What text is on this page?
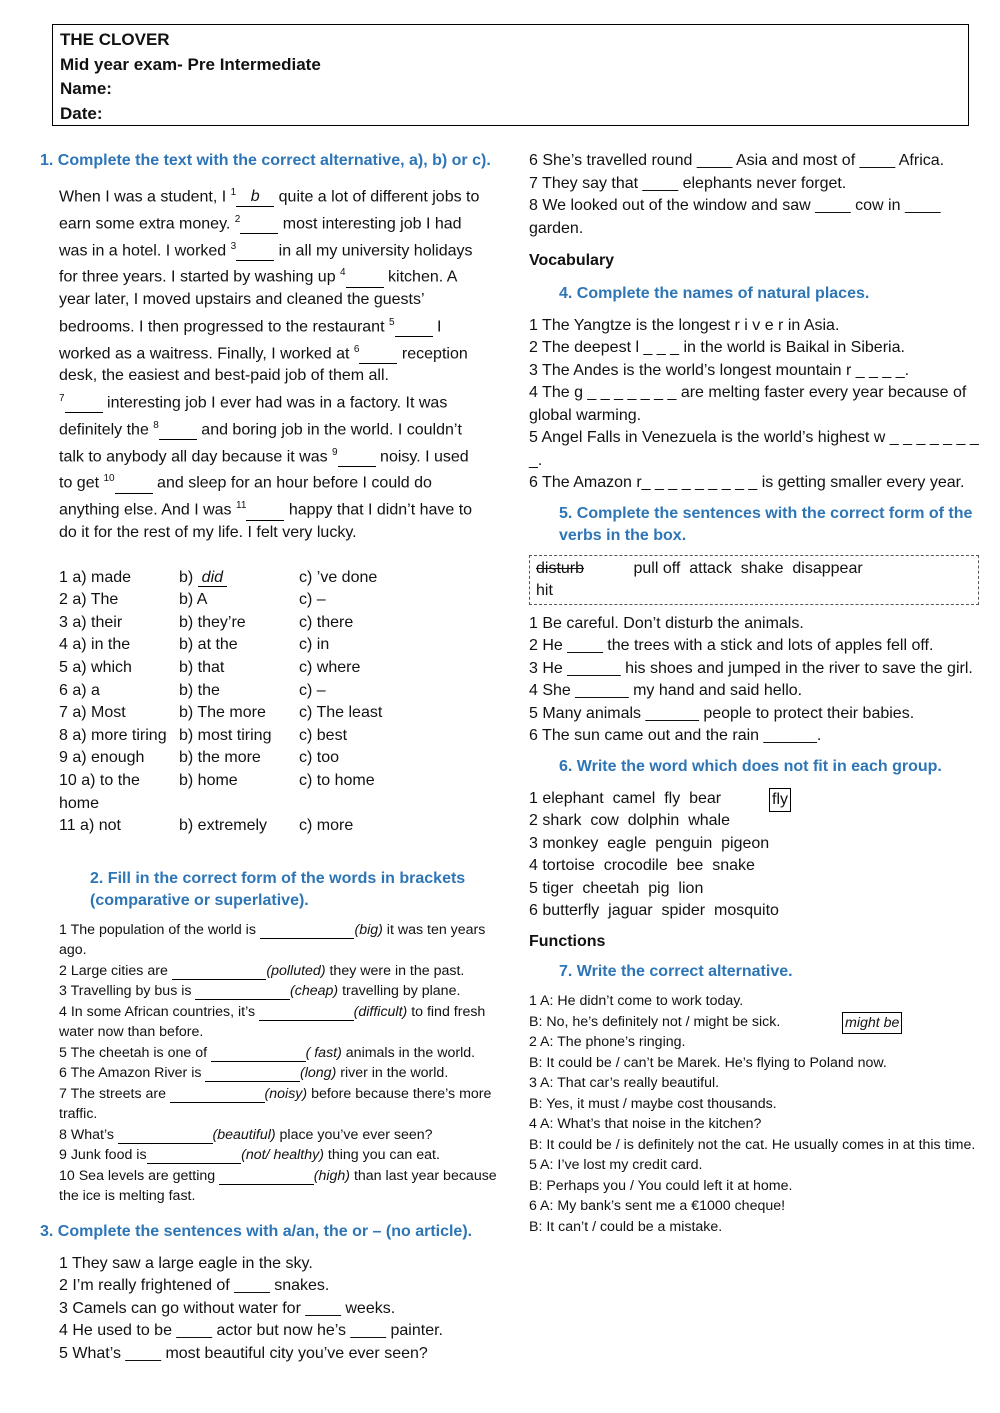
THE CLOVER
Mid year exam- Pre Intermediate
Name:
Date:
1. Complete the text with the correct alternative, a), b) or c).
When I was a student, I $^1$ b quite a lot of different jobs to
earn some extra money. $^2$  most interesting job I had
was in a hotel. I worked $^3$  in all my university holidays
for three years. I started by washing up $^4$  kitchen. A
year later, I moved upstairs and cleaned the guests’
bedrooms. I then progressed to the restaurant $^5$  I
worked as a waitress. Finally, I worked at $^6$  reception
desk, the easiest and best-paid job of them all.
$^7$  interesting job I ever had was in a factory. It was
definitely the $^8$  and boring job in the world. I couldn’t
talk to anybody all day because it was $^9$  noisy. I used
to get $^{10}$  and sleep for an hour before I could do
anything else. And I was $^{11}$  happy that I didn’t have to
do it for the rest of my life. I felt very lucky.
1 a) made	b) did	c) ’ve done
2 a) The	b) A	c) –
3 a) their	b) they’re	c) there
4 a) in the	b) at the	c) in
5 a) which	b) that	c) where
6 a) a	b) the	c) –
7 a) Most	b) The more	c) The least
8 a) more tiring b) most tiring	c) best
9 a) enough	b) the more	c) too
10 a) to the home
b) home	c) to home
11 a) not	b) extremely	c) more
2. Fill in the correct form of the words in brackets (comparative or superlative).
1 The population of the world is	(big) it was ten years ago.
2 Large cities are	(polluted) they were in the past.
3 Travelling by bus is	(cheap) travelling by plane.
4 In some African countries, it’s	(difficult) to find fresh water now than before.
5 The cheetah is one of	( fast) animals in the world.
6 The Amazon River is	(long) river in the world.
7 The streets are	(noisy) before because there’s more traffic.
8 What’s	(beautiful) place you’ve ever seen?
9 Junk food is	(not/ healthy) thing you can eat.
10 Sea levels are getting	(high) than last year because the ice is melting fast.
3. Complete the sentences with a/an, the or – (no article).
1 They saw a large eagle in the sky.
2 I’m really frightened of ____ snakes.
3 Camels can go without water for ____ weeks.
4 He used to be ____ actor but now he’s ____ painter.
5 What’s ____ most beautiful city you’ve ever seen?
6 She’s travelled round ____ Asia and most of ____ Africa.
7 They say that ____ elephants never forget.
8 We looked out of the window and saw ____ cow in ____ garden.
Vocabulary
4. Complete the names of natural places.
1 The Yangtze is the longest r i v e r in Asia.
2 The deepest l _ _ _ in the world is Baikal in Siberia.
3 The Andes is the world’s longest mountain r _ _ _ _.
4 The g _ _ _ _ _ _ _ are melting faster every year because of global warming.
5 Angel Falls in Venezuela is the world’s highest w _ _ _ _ _ _ _ _.
6 The Amazon r_ _ _ _ _ _ _ _ _ is getting smaller every year.
5. Complete the sentences with the correct form of the verbs in the box.
disturb	pull off  attack  shake  disappear
hit
1 Be careful. Don’t disturb the animals.
2 He ____ the trees with a stick and lots of apples fell off.
3 He ______ his shoes and jumped in the river to save the girl.
4 She ______ my hand and said hello.
5 Many animals ______ people to protect their babies.
6 The sun came out and the rain ______.
6. Write the word which does not fit in each group.
1 elephant  camel  fly  bear	fly
2 shark  cow  dolphin  whale
3 monkey  eagle  penguin  pigeon
4 tortoise  crocodile  bee  snake
5 tiger  cheetah  pig  lion
6 butterfly  jaguar  spider  mosquito
Functions
7. Write the correct alternative.
1 A: He didn’t come to work today.
B: No, he’s definitely not / might be sick.	might be
2 A: The phone’s ringing.
B: It could be / can’t be Marek. He’s flying to Poland now.
3 A: That car’s really beautiful.
B: Yes, it must / maybe cost thousands.
4 A: What’s that noise in the kitchen?
B: It could be / is definitely not the cat. He usually comes in at this time.
5 A: I’ve lost my credit card.
B: Perhaps you / You could left it at home.
6 A: My bank’s sent me a €1000 cheque!
B: It can’t / could be a mistake.
